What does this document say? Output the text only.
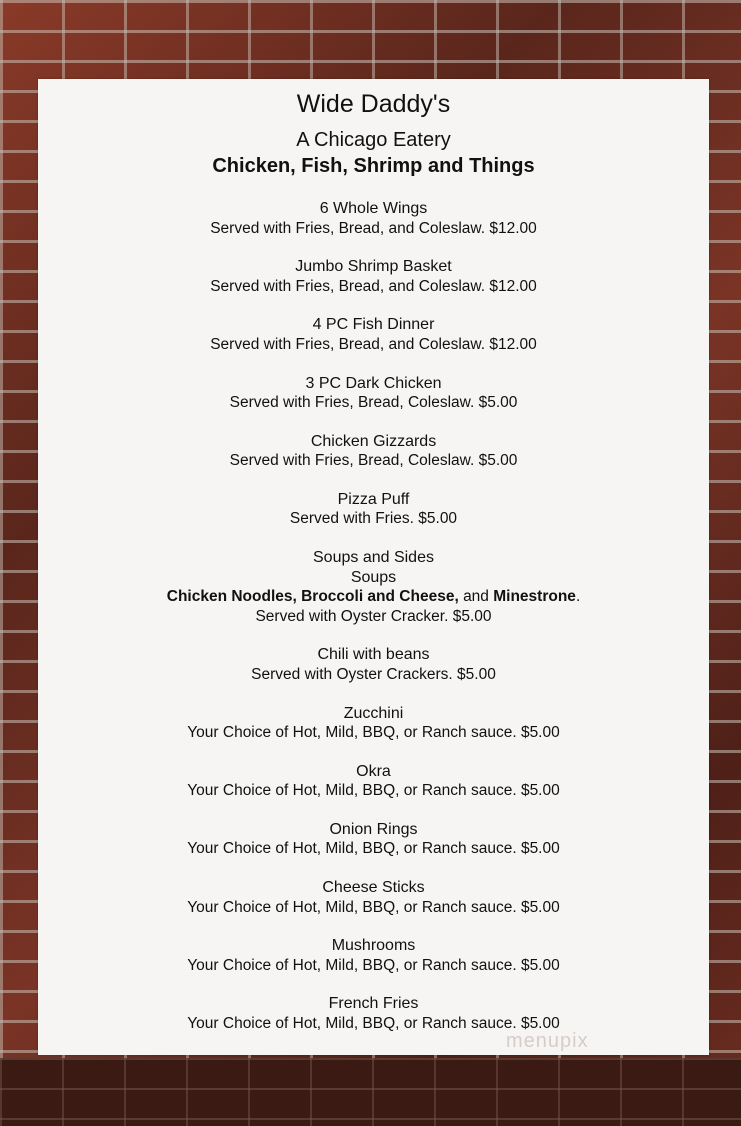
Wide Daddy's
A Chicago Eatery
Chicken, Fish, Shrimp and Things
6 Whole Wings
Served with Fries, Bread, and Coleslaw. $12.00
Jumbo Shrimp Basket
Served with Fries, Bread, and Coleslaw. $12.00
4 PC Fish Dinner
Served with Fries, Bread, and Coleslaw. $12.00
3 PC Dark Chicken
Served with Fries, Bread, Coleslaw. $5.00
Chicken Gizzards
Served with Fries, Bread, Coleslaw. $5.00
Pizza Puff
Served with Fries. $5.00
Soups and Sides
Soups
Chicken Noodles, Broccoli and Cheese, and Minestrone.
Served with Oyster Cracker. $5.00
Chili with beans
Served with Oyster Crackers. $5.00
Zucchini
Your Choice of Hot, Mild, BBQ, or Ranch sauce. $5.00
Okra
Your Choice of Hot, Mild, BBQ, or Ranch sauce. $5.00
Onion Rings
Your Choice of Hot, Mild, BBQ, or Ranch sauce. $5.00
Cheese Sticks
Your Choice of Hot, Mild, BBQ, or Ranch sauce. $5.00
Mushrooms
Your Choice of Hot, Mild, BBQ, or Ranch sauce. $5.00
French Fries
Your Choice of Hot, Mild, BBQ, or Ranch sauce. $5.00
menupix
